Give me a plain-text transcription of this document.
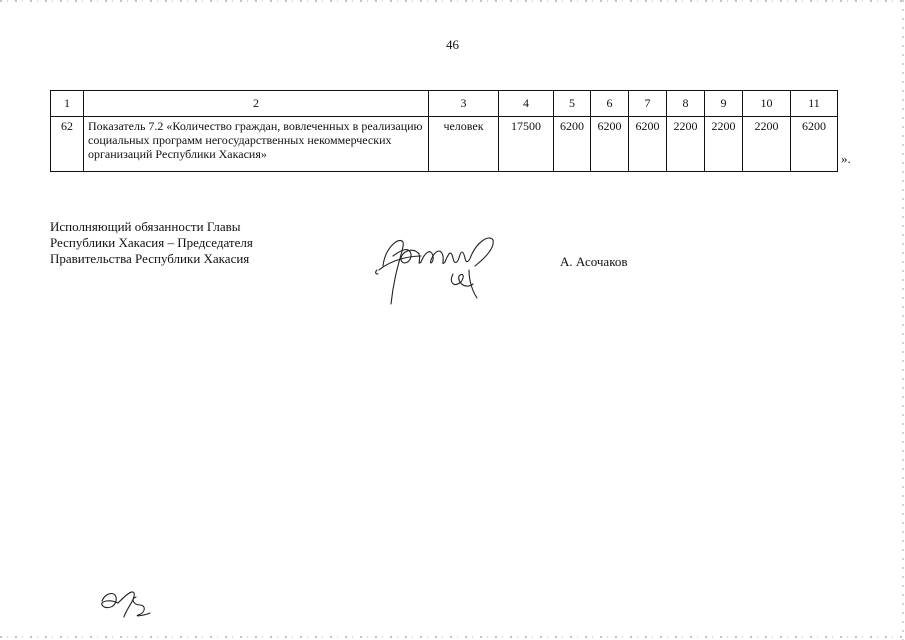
46
1	2	3	4	5	6	7	8	9	10	11
62	Показатель 7.2 «Количество граждан, вовлеченных в реализацию социальных программ негосударственных некоммерческих организаций Республики Хакасия»	человек	17500	6200	6200	6200	2200	2200	2200	6200
».
Исполняющий обязанности Главы
Республики Хакасия – Председателя
Правительства Республики Хакасия	А. Асочаков
